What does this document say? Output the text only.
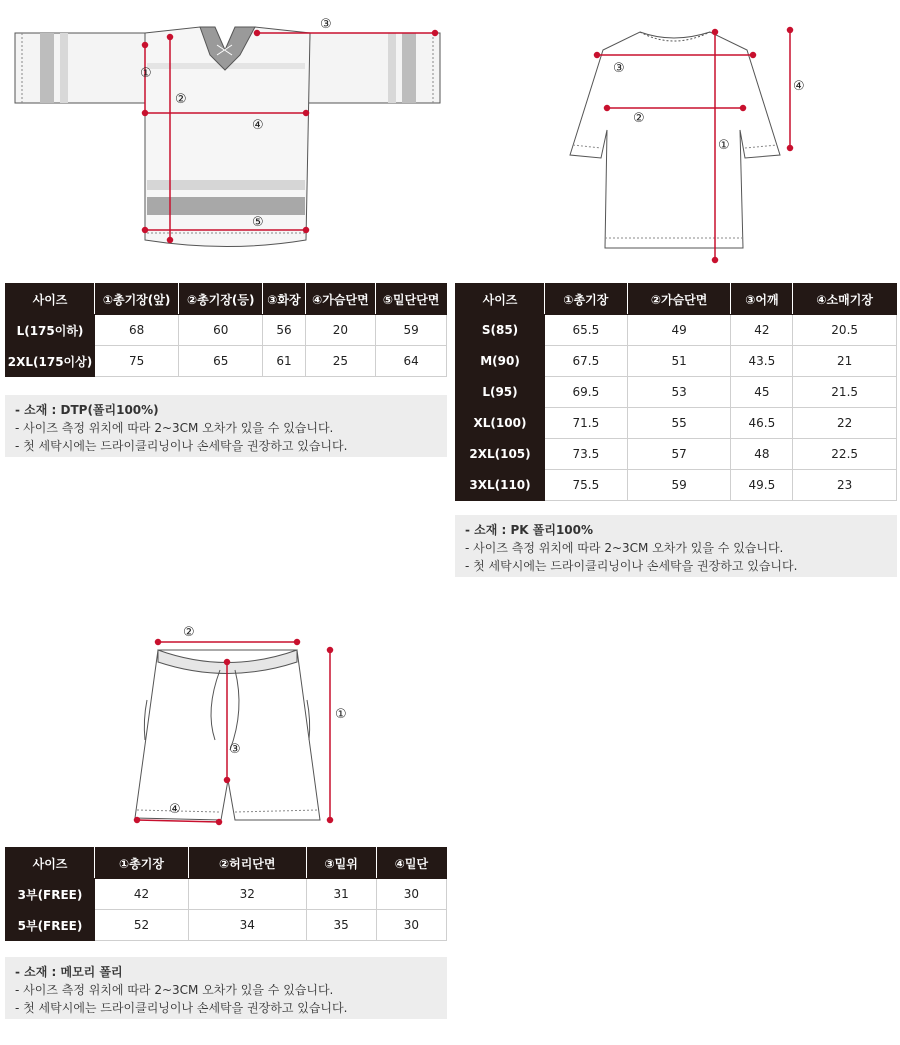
①
②
③
④
⑤
③
②
①
④
②
①
③
④
사이즈	①총기장(앞)	②총기장(등)	③화장	④가슴단면	⑤밑단단면
L(175이하)	68	60	56	20	59
2XL(175이상)	75	65	61	25	64
- 소재 : DTP(폴리100%)
- 사이즈 측정 위치에 따라 2~3CM 오차가 있을 수 있습니다.
- 첫 세탁시에는 드라이클리닝이나 손세탁을 권장하고 있습니다.
사이즈	①총기장	②가슴단면	③어깨	④소매기장
S(85)	65.5	49	42	20.5
M(90)	67.5	51	43.5	21
L(95)	69.5	53	45	21.5
XL(100)	71.5	55	46.5	22
2XL(105)	73.5	57	48	22.5
3XL(110)	75.5	59	49.5	23
- 소재 : PK 폴리100%
- 사이즈 측정 위치에 따라 2~3CM 오차가 있을 수 있습니다.
- 첫 세탁시에는 드라이클리닝이나 손세탁을 권장하고 있습니다.
사이즈	①총기장	②허리단면	③밑위	④밑단
3부(FREE)	42	32	31	30
5부(FREE)	52	34	35	30
- 소재 : 메모리 폴리
- 사이즈 측정 위치에 따라 2~3CM 오차가 있을 수 있습니다.
- 첫 세탁시에는 드라이클리닝이나 손세탁을 권장하고 있습니다.
